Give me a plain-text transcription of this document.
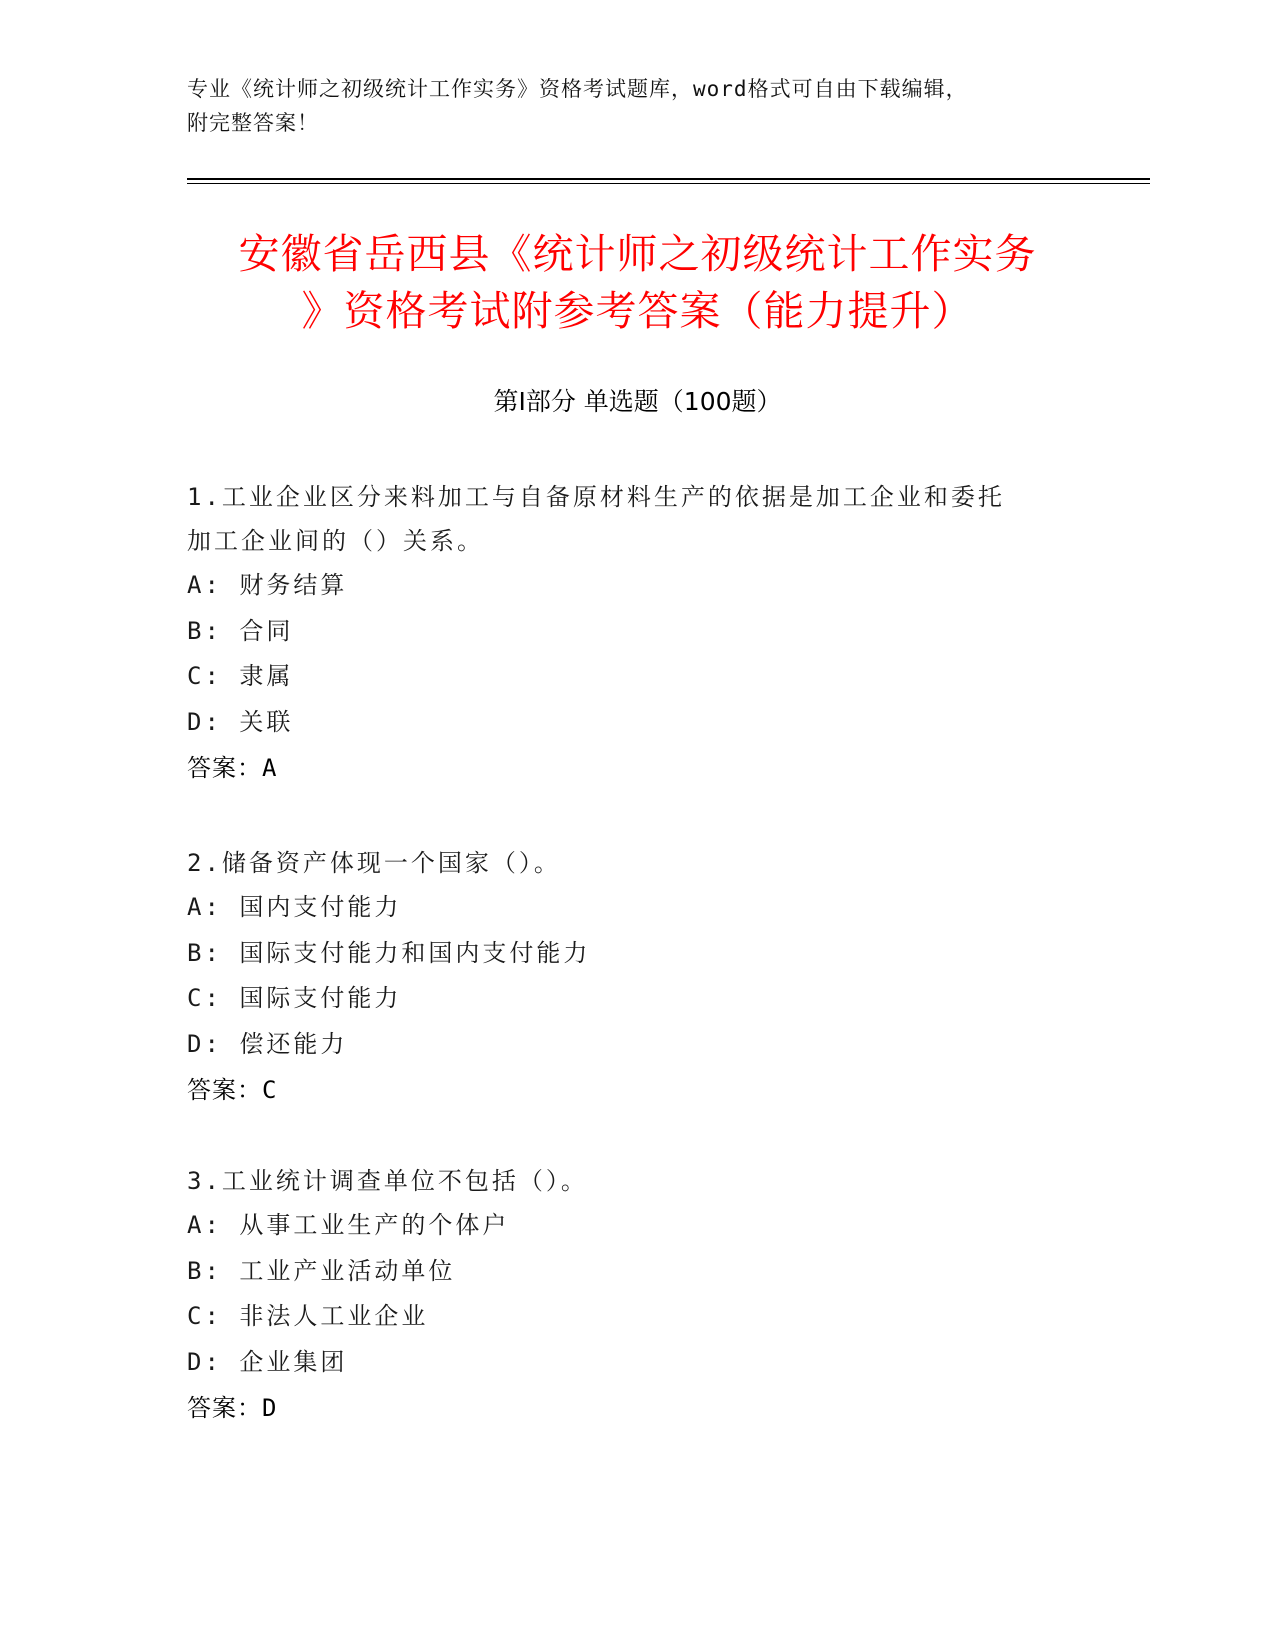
专业《统计师之初级统计工作实务》资格考试题库，word格式可自由下载编辑，
附完整答案！
安徽省岳西县《统计师之初级统计工作实务
》资格考试附参考答案（能力提升）
第Ⅰ部分 单选题（100题）

1.工业企业区分来料加工与自备原材料生产的依据是加工企业和委托

加工企业间的（）关系。

A: 财务结算

B: 合同

C: 隶属

D: 关联

答案：A

2.储备资产体现一个国家（）。

A: 国内支付能力

B: 国际支付能力和国内支付能力

C: 国际支付能力

D: 偿还能力

答案：C

3.工业统计调查单位不包括（）。

A: 从事工业生产的个体户

B: 工业产业活动单位

C: 非法人工业企业

D: 企业集团

答案：D
